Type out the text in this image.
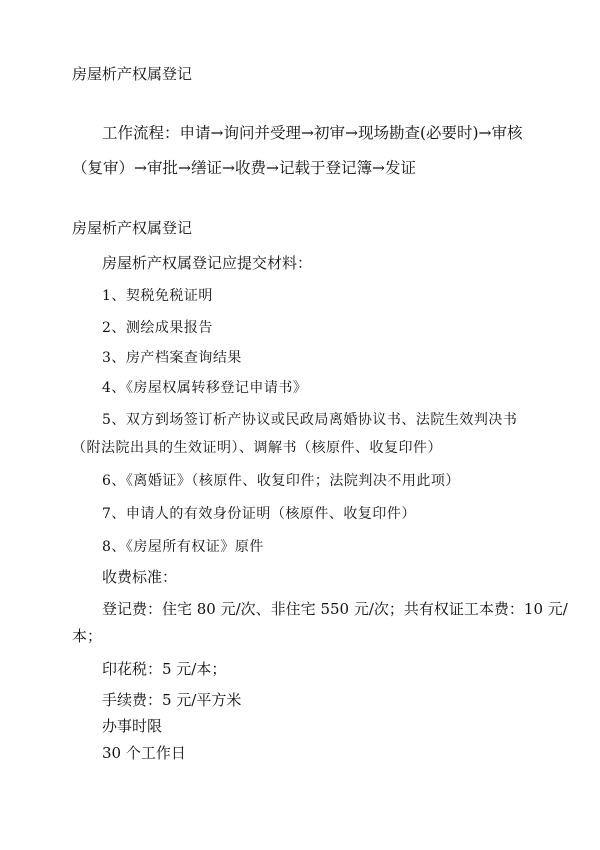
房屋析产权属登记
工作流程：申请→询问并受理→初审→现场勘查(必要时)→审核（复审）→审批→缮证→收费→记载于登记簿→发证
房屋析产权属登记
房屋析产权属登记应提交材料：
1、契税免税证明
2、测绘成果报告
3、房产档案查询结果
4、《房屋权属转移登记申请书》
5、双方到场签订析产协议或民政局离婚协议书、法院生效判决书（附法院出具的生效证明）、调解书（核原件、收复印件）
6、《离婚证》（核原件、收复印件；法院判决不用此项）
7、申请人的有效身份证明（核原件、收复印件）
8、《房屋所有权证》原件
收费标准：
登记费：住宅 80 元/次、非住宅 550 元/次；共有权证工本费：10 元/
本；
印花税：5 元/本；
手续费：5 元/平方米
办事时限
30 个工作日
